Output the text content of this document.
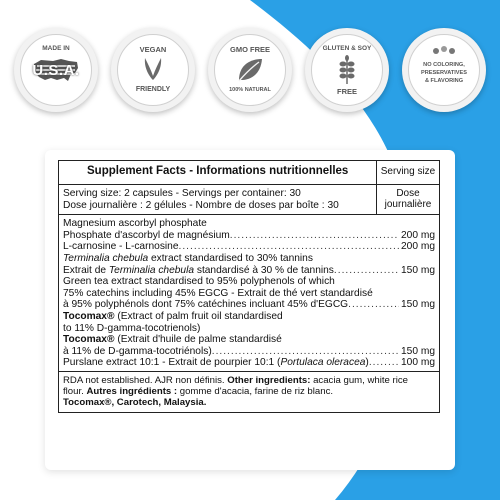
MADE IN
U.S.A.
VEGAN
FRIENDLY
GMO FREE
100% NATURAL
GLUTEN & SOY
FREE
NO COLORING,
PRESERVATIVES
& FLAVORING
Supplement Facts - Informations nutritionnelles	Serving size
Serving size: 2 capsules - Servings per container: 30
Dose journalière : 2 gélules - Nombre de doses par boîte : 30
Dose
journalière
Magnesium ascorbyl phosphate
Phosphate d'ascorbyl de magnésium .....	200 mg
L-carnosine - L-carnosine .....	200 mg
Terminalia chebula extract standardised to 30% tannins
Extrait de Terminalia chebula standardisé à 30 % de tannins .....	150 mg
Green tea extract standardised to 95% polyphenols of which
75% catechins including 45% EGCG - Extrait de thé vert standardisé
à 95% polyphénols dont 75% catéchines incluant 45% d'EGCG .....	150 mg
Tocomax® (Extract of palm fruit oil standardised
to 11% D-gamma-tocotrienols)
Tocomax® (Extrait d'huile de palme standardisé
à 11% de D-gamma-tocotriénols) .....	150 mg
Purslane extract 10:1 - Extrait de pourpier 10:1 (Portulaca oleracea) .....	100 mg
RDA not established. AJR non définis. Other ingredients: acacia gum, white rice
flour. Autres ingrédients : gomme d'acacia, farine de riz blanc.
Tocomax®, Carotech, Malaysia.
